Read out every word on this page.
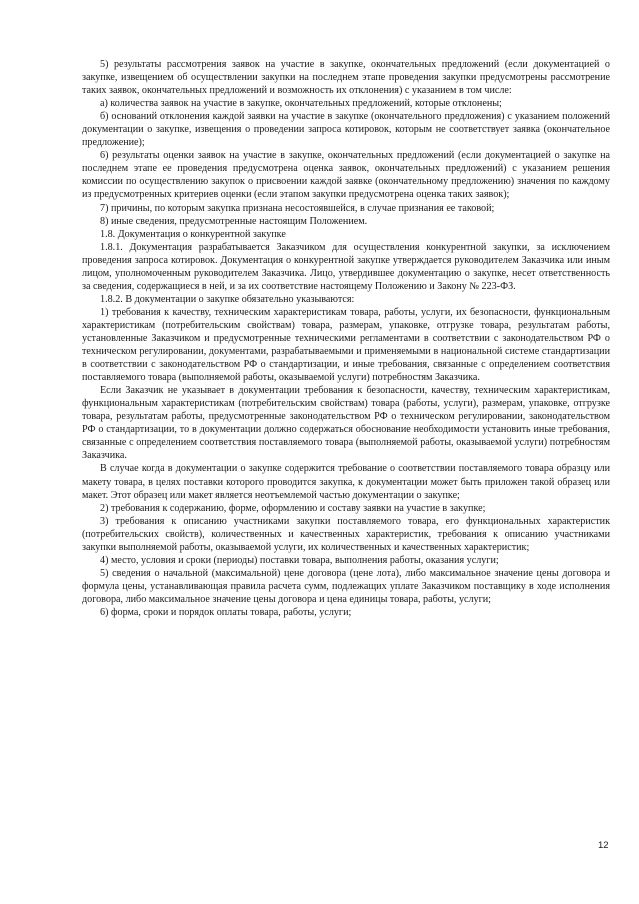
5) результаты рассмотрения заявок на участие в закупке, окончательных предложений (если документацией о закупке, извещением об осуществлении закупки на последнем этапе проведения закупки предусмотрены рассмотрение таких заявок, окончательных предложений и возможность их отклонения) с указанием в том числе:

а) количества заявок на участие в закупке, окончательных предложений, которые отклонены;

б) оснований отклонения каждой заявки на участие в закупке (окончательного предложения) с указанием положений документации о закупке, извещения о проведении запроса котировок, которым не соответствует заявка (окончательное предложение);

6) результаты оценки заявок на участие в закупке, окончательных предложений (если документацией о закупке на последнем этапе ее проведения предусмотрена оценка заявок, окончательных предложений) с указанием решения комиссии по осуществлению закупок о присвоении каждой заявке (окончательному предложению) значения по каждому из предусмотренных критериев оценки (если этапом закупки предусмотрена оценка таких заявок);

7) причины, по которым закупка признана несостоявшейся, в случае признания ее таковой;

8) иные сведения, предусмотренные настоящим Положением.

1.8. Документация о конкурентной закупке

1.8.1. Документация разрабатывается Заказчиком для осуществления конкурентной закупки, за исключением проведения запроса котировок. Документация о конкурентной закупке утверждается руководителем Заказчика или иным лицом, уполномоченным руководителем Заказчика. Лицо, утвердившее документацию о закупке, несет ответственность за сведения, содержащиеся в ней, и за их соответствие настоящему Положению и Закону № 223-ФЗ.

1.8.2. В документации о закупке обязательно указываются:

1) требования к качеству, техническим характеристикам товара, работы, услуги, их безопасности, функциональным характеристикам (потребительским свойствам) товара, размерам, упаковке, отгрузке товара, результатам работы, установленные Заказчиком и предусмотренные техническими регламентами в соответствии с законодательством РФ о техническом регулировании, документами, разрабатываемыми и применяемыми в национальной системе стандартизации в соответствии с законодательством РФ о стандартизации, и иные требования, связанные с определением соответствия поставляемого товара (выполняемой работы, оказываемой услуги) потребностям Заказчика.

Если Заказчик не указывает в документации требования к безопасности, качеству, техническим характеристикам, функциональным характеристикам (потребительским свойствам) товара (работы, услуги), размерам, упаковке, отгрузке товара, результатам работы, предусмотренные законодательством РФ о техническом регулировании, законодательством РФ о стандартизации, то в документации должно содержаться обоснование необходимости установить иные требования, связанные с определением соответствия поставляемого товара (выполняемой работы, оказываемой услуги) потребностям Заказчика.

В случае когда в документации о закупке содержится требование о соответствии поставляемого товара образцу или макету товара, в целях поставки которого проводится закупка, к документации может быть приложен такой образец или макет. Этот образец или макет является неотъемлемой частью документации о закупке;

2) требования к содержанию, форме, оформлению и составу заявки на участие в закупке;

3) требования к описанию участниками закупки поставляемого товара, его функциональных характеристик (потребительских свойств), количественных и качественных характеристик, требования к описанию участниками закупки выполняемой работы, оказываемой услуги, их количественных и качественных характеристик;

4) место, условия и сроки (периоды) поставки товара, выполнения работы, оказания услуги;

5) сведения о начальной (максимальной) цене договора (цене лота), либо максимальное значение цены договора и формула цены, устанавливающая правила расчета сумм, подлежащих уплате Заказчиком поставщику в ходе исполнения договора, либо максимальное значение цены договора и цена единицы товара, работы, услуги;

6) форма, сроки и порядок оплаты товара, работы, услуги;

12
